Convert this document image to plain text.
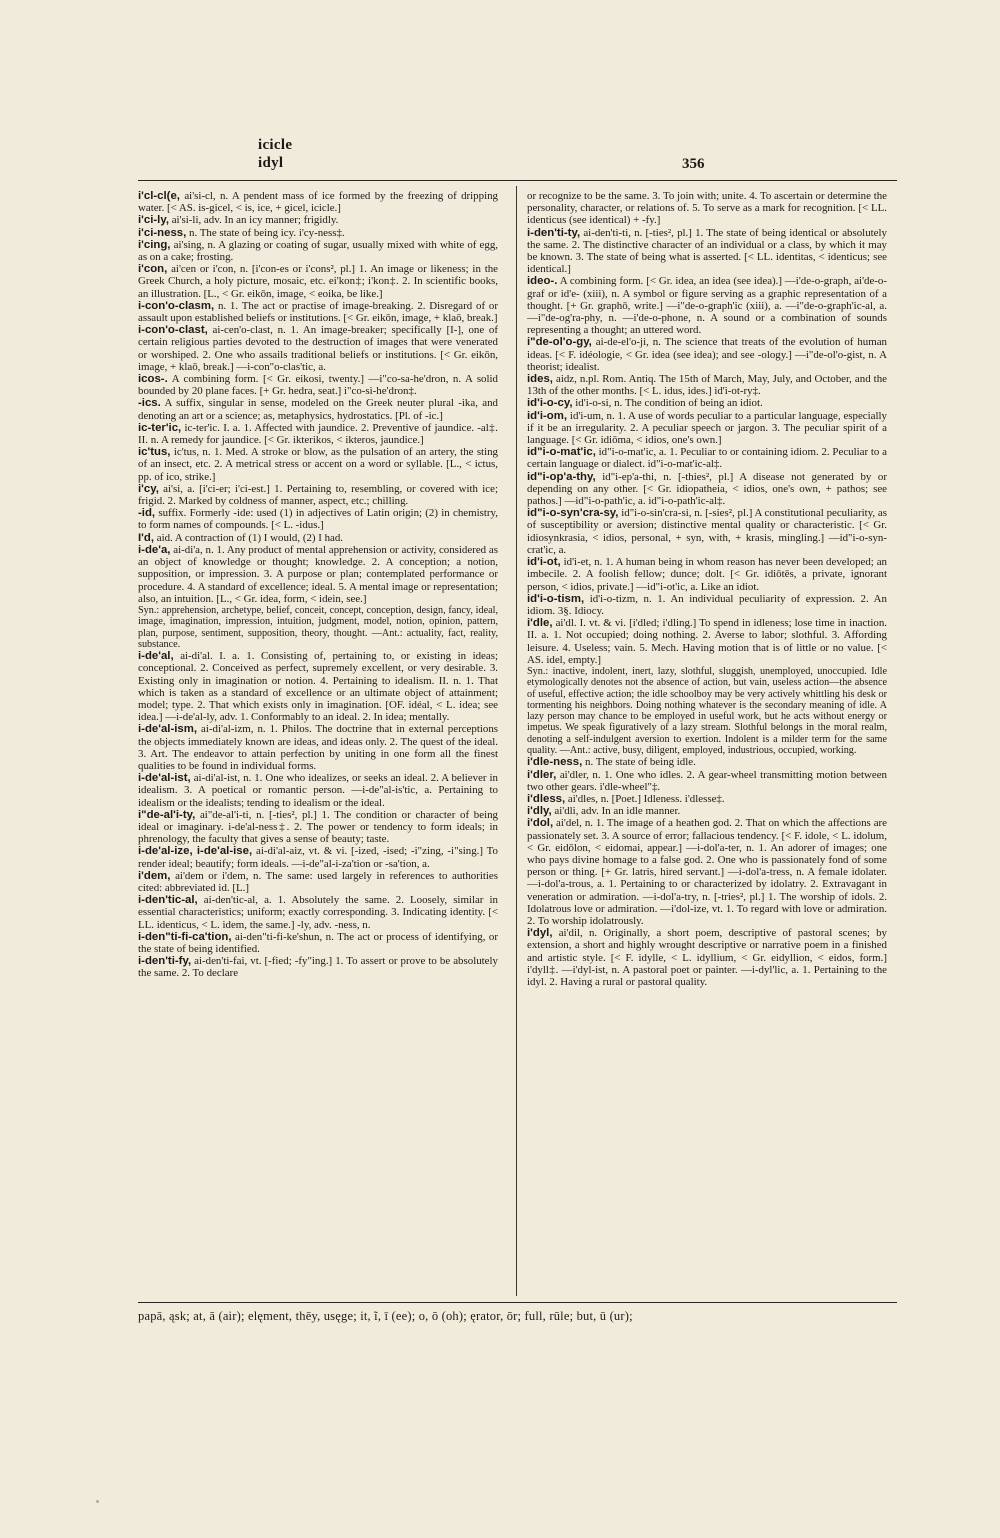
icicle
idyl	356
i'cl-cl(e, ai'si-cl, n. A pendent mass of ice formed by the freezing of dripping water. [< AS. is-gicel, < is, ice, + gicel, icicle.]
i'ci-ly, ai'si-li, adv. In an icy manner; frigidly.
i'ci-ness, n. The state of being icy. i'cy-ness‡.
i'cing, ai'sing, n. A glazing or coating of sugar, usually mixed with white of egg, as on a cake; frosting.
i'con, ai'cen or i'con, n. [i'con-es or i'cons², pl.] 1. An image or likeness; in the Greek Church, a holy picture, mosaic, etc. ei'kon‡; i'kon‡. 2. In scientific books, an illustration. [L., < Gr. eikōn, image, < eoika, be like.]
i-con'o-clasm, n. 1. The act or practise of image-breaking. 2. Disregard of or assault upon established beliefs or institutions. [< Gr. eikōn, image, + klaō, break.]
i-con'o-clast, ai-cen'o-clast, n. 1. An image-breaker; specifically [I-], one of certain religious parties devoted to the destruction of images that were venerated or worshiped. 2. One who assails traditional beliefs or institutions. [< Gr. eikōn, image, + klaō, break.] —i-con"o-clas'tic, a.
icos-. A combining form. [< Gr. eikosi, twenty.] —i"co-sa-he'dron, n. A solid bounded by 20 plane faces. [+ Gr. hedra, seat.] i"co-si-he'dron‡.
-ics. A suffix, singular in sense, modeled on the Greek neuter plural -ika, and denoting an art or a science; as, metaphysics, hydrostatics. [Pl. of -ic.]
ic-ter'ic, ic-ter'ic. I. a. 1. Affected with jaundice. 2. Preventive of jaundice. -al‡. II. n. A remedy for jaundice. [< Gr. ikterikos, < ikteros, jaundice.]
ic'tus, ic'tus, n. 1. Med. A stroke or blow, as the pulsation of an artery, the sting of an insect, etc. 2. A metrical stress or accent on a word or syllable. [L., < ictus, pp. of ico, strike.]
i'cy, ai'si, a. [i'ci-er; i'ci-est.] 1. Pertaining to, resembling, or covered with ice; frigid. 2. Marked by coldness of manner, aspect, etc.; chilling.
-id, suffix. Formerly -ide: used (1) in adjectives of Latin origin; (2) in chemistry, to form names of compounds. [< L. -idus.]
I'd, aid. A contraction of (1) I would, (2) I had.
i-de'a, ai-di'a, n. 1. Any product of mental apprehension or activity, considered as an object of knowledge or thought; knowledge. 2. A conception; a notion, supposition, or impression. 3. A purpose or plan; contemplated performance or procedure. 4. A standard of excellence; ideal. 5. A mental image or representation; also, an intuition. [L., < Gr. idea, form, < idein, see.]
Syn.: apprehension, archetype, belief, conceit, concept, conception, design, fancy, ideal, image, imagination, impression, intuition, judgment, model, notion, opinion, pattern, plan, purpose, sentiment, supposition, theory, thought. —Ant.: actuality, fact, reality, substance.
i-de'al, ai-di'al. I. a. 1. Consisting of, pertaining to, or existing in ideas; conceptional. 2. Conceived as perfect, supremely excellent, or very desirable. 3. Existing only in imagination or notion. 4. Pertaining to idealism. II. n. 1. That which is taken as a standard of excellence or an ultimate object of attainment; model; type. 2. That which exists only in imagination. [OF. idéal, < L. idea; see idea.] —i-de'al-ly, adv. 1. Conformably to an ideal. 2. In idea; mentally.
i-de'al-ism, ai-di'al-izm, n. 1. Philos. The doctrine that in external perceptions the objects immediately known are ideas, and ideas only. 2. The quest of the ideal. 3. Art. The endeavor to attain perfection by uniting in one form all the finest qualities to be found in individual forms.
i-de'al-ist, ai-di'al-ist, n. 1. One who idealizes, or seeks an ideal. 2. A believer in idealism. 3. A poetical or romantic person. —i-de"al-is'tic, a. Pertaining to idealism or the idealists; tending to idealism or the ideal.
i"de-al'i-ty, ai"de-al'i-ti, n. [-ties², pl.] 1. The condition or character of being ideal or imaginary. i-de'al-ness‡. 2. The power or tendency to form ideals; in phrenology, the faculty that gives a sense of beauty; taste.
i-de'al-ize, i-de'al-ise, ai-di'al-aiz, vt. & vi. [-ized, -ised; -i"zing, -i"sing.] To render ideal; beautify; form ideals. —i-de"al-i-za'tion or -sa'tion, a.
i'dem, ai'dem or i'dem, n. The same: used largely in references to authorities cited: abbreviated id. [L.]
i-den'tic-al, ai-den'tic-al, a. 1. Absolutely the same. 2. Loosely, similar in essential characteristics; uniform; exactly corresponding. 3. Indicating identity. [< LL. identicus, < L. idem, the same.] -ly, adv. -ness, n.
i-den"ti-fi-ca'tion, ai-den"ti-fi-ke'shun, n. The act or process of identifying, or the state of being identified.
i-den'ti-fy, ai-den'ti-fai, vt. [-fied; -fy"ing.] 1. To assert or prove to be absolutely the same. 2. To declare
or recognize to be the same. 3. To join with; unite. 4. To ascertain or determine the personality, character, or relations of. 5. To serve as a mark for recognition. [< LL. identicus (see identical) + -fy.]
i-den'ti-ty, ai-den'ti-ti, n. [-ties², pl.] 1. The state of being identical or absolutely the same. 2. The distinctive character of an individual or a class, by which it may be known. 3. The state of being what is asserted. [< LL. identitas, < identicus; see identical.]
ideo-. A combining form. [< Gr. idea, an idea (see idea).] —i'de-o-graph, ai'de-o-graf or id'e- (xiii), n. A symbol or figure serving as a graphic representation of a thought. [+ Gr. graphō, write.] —i"de-o-graph'ic (xiii), a. —i"de-o-graph'ic-al, a. —i"de-og'ra-phy, n. —i'de-o-phone, n. A sound or a combination of sounds representing a thought; an uttered word.
i"de-ol'o-gy, ai-de-el'o-ji, n. The science that treats of the evolution of human ideas. [< F. idéologie, < Gr. idea (see idea); and see -ology.] —i"de-ol'o-gist, n. A theorist; idealist.
ides, aidz, n.pl. Rom. Antiq. The 15th of March, May, July, and October, and the 13th of the other months. [< L. idus, ides.] id'i-ot-ry‡.
id'i-o-cy, id'i-o-si, n. The condition of being an idiot.
id'i-om, id'i-um, n. 1. A use of words peculiar to a particular language, especially if it be an irregularity. 2. A peculiar speech or jargon. 3. The peculiar spirit of a language. [< Gr. idiōma, < idios, one's own.]
id"i-o-mat'ic, id"i-o-mat'ic, a. 1. Peculiar to or containing idiom. 2. Peculiar to a certain language or dialect. id"i-o-mat'ic-al‡.
id"i-op'a-thy, id"i-ep'a-thi, n. [-thies², pl.] A disease not generated by or depending on any other. [< Gr. idiopatheia, < idios, one's own, + pathos; see pathos.] —id"i-o-path'ic, a. id"i-o-path'ic-al‡.
id"i-o-syn'cra-sy, id"i-o-sin'cra-si, n. [-sies², pl.] A constitutional peculiarity, as of susceptibility or aversion; distinctive mental quality or characteristic. [< Gr. idiosynkrasia, < idios, personal, + syn, with, + krasis, mingling.] —id"i-o-syn-crat'ic, a.
id'i-ot, id'i-et, n. 1. A human being in whom reason has never been developed; an imbecile. 2. A foolish fellow; dunce; dolt. [< Gr. idiōtēs, a private, ignorant person, < idios, private.] —id"i-ot'ic, a. Like an idiot.
id'i-o-tism, id'i-o-tizm, n. 1. An individual peculiarity of expression. 2. An idiom. 3§. Idiocy.
i'dle, ai'dl. I. vt. & vi. [i'dled; i'dling.] To spend in idleness; lose time in inaction. II. a. 1. Not occupied; doing nothing. 2. Averse to labor; slothful. 3. Affording leisure. 4. Useless; vain. 5. Mech. Having motion that is of little or no value. [< AS. idel, empty.]
Syn.: inactive, indolent, inert, lazy, slothful, sluggish, unemployed, unoccupied. Idle etymologically denotes not the absence of action, but vain, useless action—the absence of useful, effective action; the idle schoolboy may be very actively whittling his desk or tormenting his neighbors. Doing nothing whatever is the secondary meaning of idle. A lazy person may chance to be employed in useful work, but he acts without energy or impetus. We speak figuratively of a lazy stream. Slothful belongs in the moral realm, denoting a self-indulgent aversion to exertion. Indolent is a milder term for the same quality. —Ant.: active, busy, diligent, employed, industrious, occupied, working.
i'dle-ness, n. The state of being idle.
i'dler, ai'dler, n. 1. One who idles. 2. A gear-wheel transmitting motion between two other gears. i'dle-wheel"‡.
i'dless, ai'dles, n. [Poet.] Idleness. i'dlesse‡.
i'dly, ai'dli, adv. In an idle manner.
i'dol, ai'del, n. 1. The image of a heathen god. 2. That on which the affections are passionately set. 3. A source of error; fallacious tendency. [< F. idole, < L. idolum, < Gr. eidōlon, < eidomai, appear.] —i-dol'a-ter, n. 1. An adorer of images; one who pays divine homage to a false god. 2. One who is passionately fond of some person or thing. [+ Gr. latris, hired servant.] —i-dol'a-tress, n. A female idolater. —i-dol'a-trous, a. 1. Pertaining to or characterized by idolatry. 2. Extravagant in veneration or admiration. —i-dol'a-try, n. [-tries², pl.] 1. The worship of idols. 2. Idolatrous love or admiration. —i'dol-ize, vt. 1. To regard with love or admiration. 2. To worship idolatrously.
i'dyl, ai'dil, n. Originally, a short poem, descriptive of pastoral scenes; by extension, a short and highly wrought descriptive or narrative poem in a finished and artistic style. [< F. idylle, < L. idyllium, < Gr. eidyllion, < eidos, form.] i'dyll‡. —i'dyl-ist, n. A pastoral poet or painter. —i-dyl'lic, a. 1. Pertaining to the idyl. 2. Having a rural or pastoral quality.
papā, ąsk; at, ā (air); elęment, thēy, usęge; it, ĩ, ī (ee); o, ō (oh); ęrator, ōr; full, rūle; but, ū (ur);
